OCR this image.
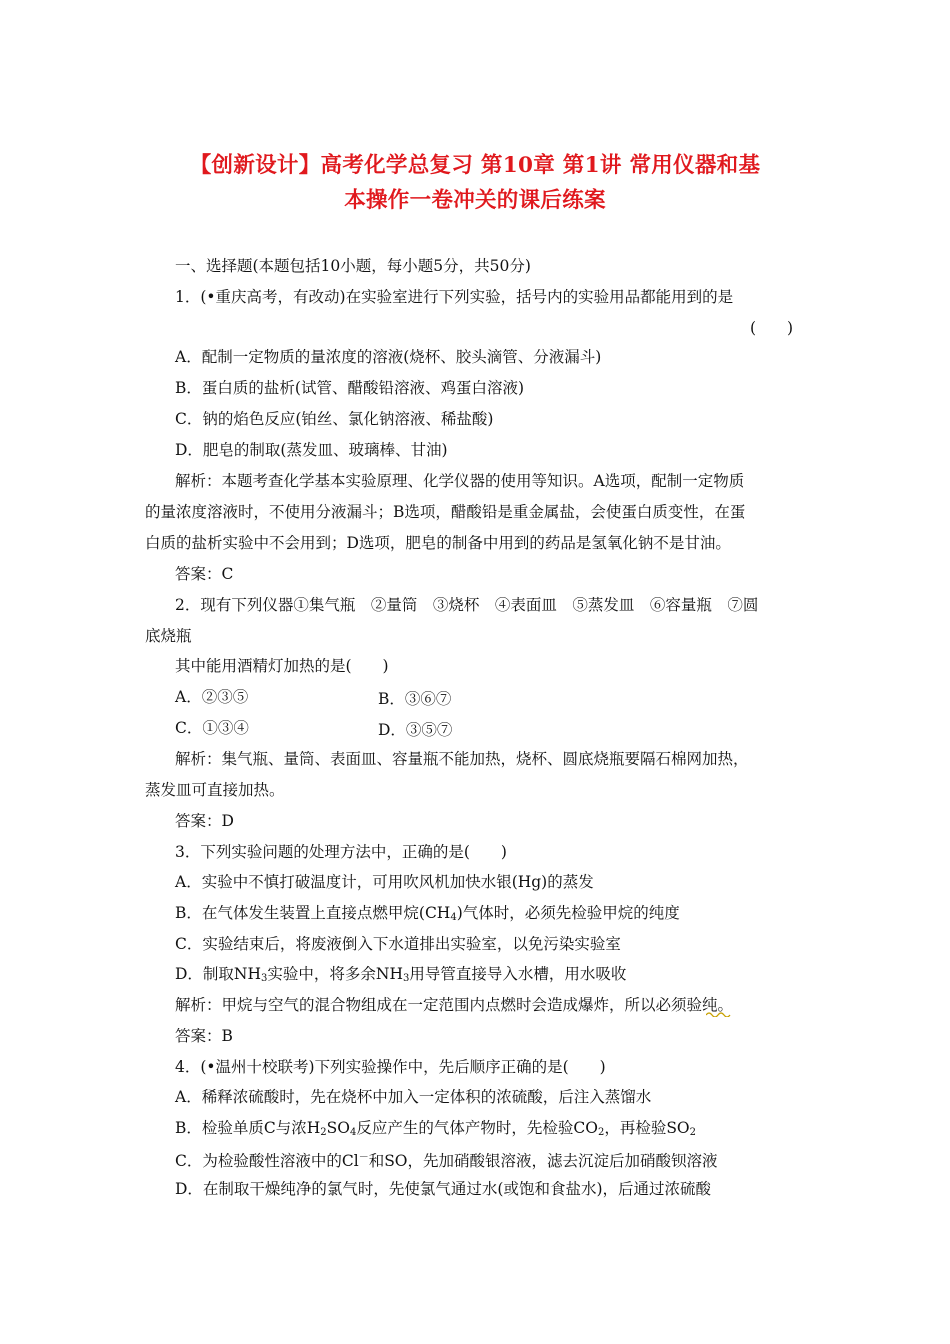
【创新设计】高考化学总复习 第10章 第1讲 常用仪器和基
本操作一卷冲关的课后练案
一、选择题(本题包括10小题，每小题5分，共50分)
1．(•重庆高考，有改动)在实验室进行下列实验，括号内的实验用品都能用到的是
(　　)
A．配制一定物质的量浓度的溶液(烧杯、胶头滴管、分液漏斗)
B．蛋白质的盐析(试管、醋酸铅溶液、鸡蛋白溶液)
C．钠的焰色反应(铂丝、氯化钠溶液、稀盐酸)
D．肥皂的制取(蒸发皿、玻璃棒、甘油)
解析：本题考查化学基本实验原理、化学仪器的使用等知识。A选项，配制一定物质
的量浓度溶液时，不使用分液漏斗；B选项，醋酸铅是重金属盐，会使蛋白质变性，在蛋
白质的盐析实验中不会用到；D选项，肥皂的制备中用到的药品是氢氧化钠不是甘油。
答案：C
2．现有下列仪器①集气瓶　②量筒　③烧杯　④表面皿　⑤蒸发皿　⑥容量瓶　⑦圆
底烧瓶
其中能用酒精灯加热的是(　　)
A．②③⑤	B．③⑥⑦
C．①③④	D．③⑤⑦
解析：集气瓶、量筒、表面皿、容量瓶不能加热，烧杯、圆底烧瓶要隔石棉网加热，
蒸发皿可直接加热。
答案：D
3．下列实验问题的处理方法中，正确的是(　　)
A．实验中不慎打破温度计，可用吹风机加快水银(Hg)的蒸发
B．在气体发生装置上直接点燃甲烷$(CH_4)$气体时，必须先检验甲烷的纯度
C．实验结束后，将废液倒入下水道排出实验室，以免污染实验室
D．制取$NH_3$实验中，将多余$NH_3$用导管直接导入水槽，用水吸收
解析：甲烷与空气的混合物组成在一定范围内点燃时会造成爆炸，所以必须验纯。
答案：B
4．(•温州十校联考)下列实验操作中，先后顺序正确的是(　　)
A．稀释浓硫酸时，先在烧杯中加入一定体积的浓硫酸，后注入蒸馏水
B．检验单质C与浓$H_2SO_4$反应产生的气体产物时，先检验$CO_2$，再检验$SO_2$
C．为检验酸性溶液中的Cl－和SO，先加硝酸银溶液，滤去沉淀后加硝酸钡溶液
D．在制取干燥纯净的氯气时，先使氯气通过水(或饱和食盐水)，后通过浓硫酸
